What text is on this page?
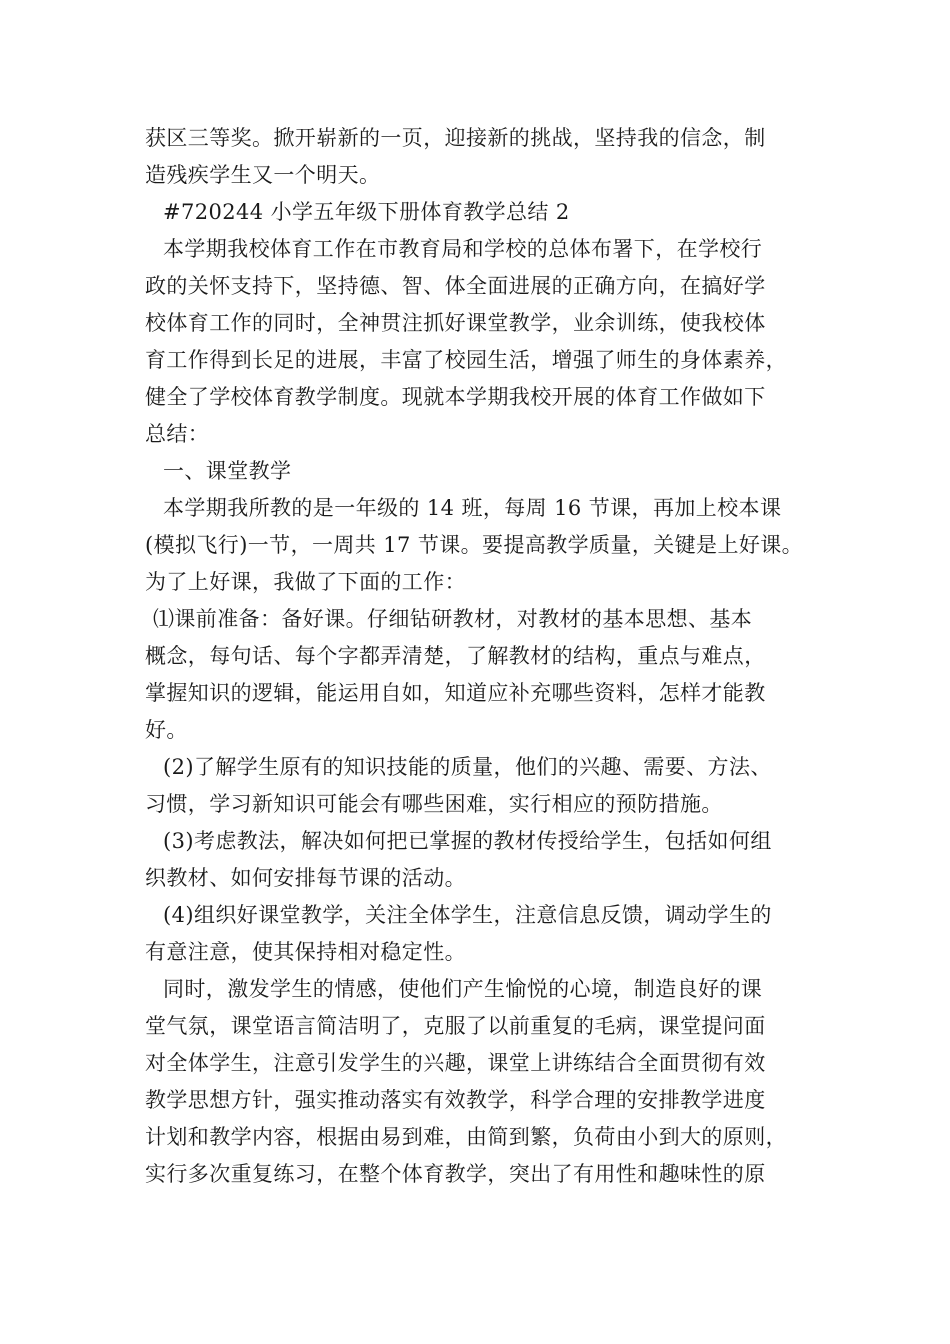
获区三等奖。掀开崭新的一页，迎接新的挑战，坚持我的信念，制
造残疾学生又一个明天。
#720244 小学五年级下册体育教学总结 2
本学期我校体育工作在市教育局和学校的总体布署下，在学校行
政的关怀支持下，坚持德、智、体全面进展的正确方向，在搞好学
校体育工作的同时，全神贯注抓好课堂教学，业余训练，使我校体
育工作得到长足的进展，丰富了校园生活，增强了师生的身体素养，
健全了学校体育教学制度。现就本学期我校开展的体育工作做如下
总结：
一、课堂教学
本学期我所教的是一年级的 14 班，每周 16 节课，再加上校本课
(模拟飞行)一节，一周共 17 节课。要提高教学质量，关键是上好课。
为了上好课，我做了下面的工作：
⑴课前准备：备好课。仔细钻研教材，对教材的基本思想、基本
概念，每句话、每个字都弄清楚，了解教材的结构，重点与难点，
掌握知识的逻辑，能运用自如，知道应补充哪些资料，怎样才能教
好。
(2)了解学生原有的知识技能的质量，他们的兴趣、需要、方法、
习惯，学习新知识可能会有哪些困难，实行相应的预防措施。
(3)考虑教法，解决如何把已掌握的教材传授给学生，包括如何组
织教材、如何安排每节课的活动。
(4)组织好课堂教学，关注全体学生，注意信息反馈，调动学生的
有意注意，使其保持相对稳定性。
同时，激发学生的情感，使他们产生愉悦的心境，制造良好的课
堂气氛，课堂语言简洁明了，克服了以前重复的毛病，课堂提问面
对全体学生，注意引发学生的兴趣，课堂上讲练结合全面贯彻有效
教学思想方针，强实推动落实有效教学，科学合理的安排教学进度
计划和教学内容，根据由易到难，由简到繁，负荷由小到大的原则，
实行多次重复练习，在整个体育教学，突出了有用性和趣味性的原
